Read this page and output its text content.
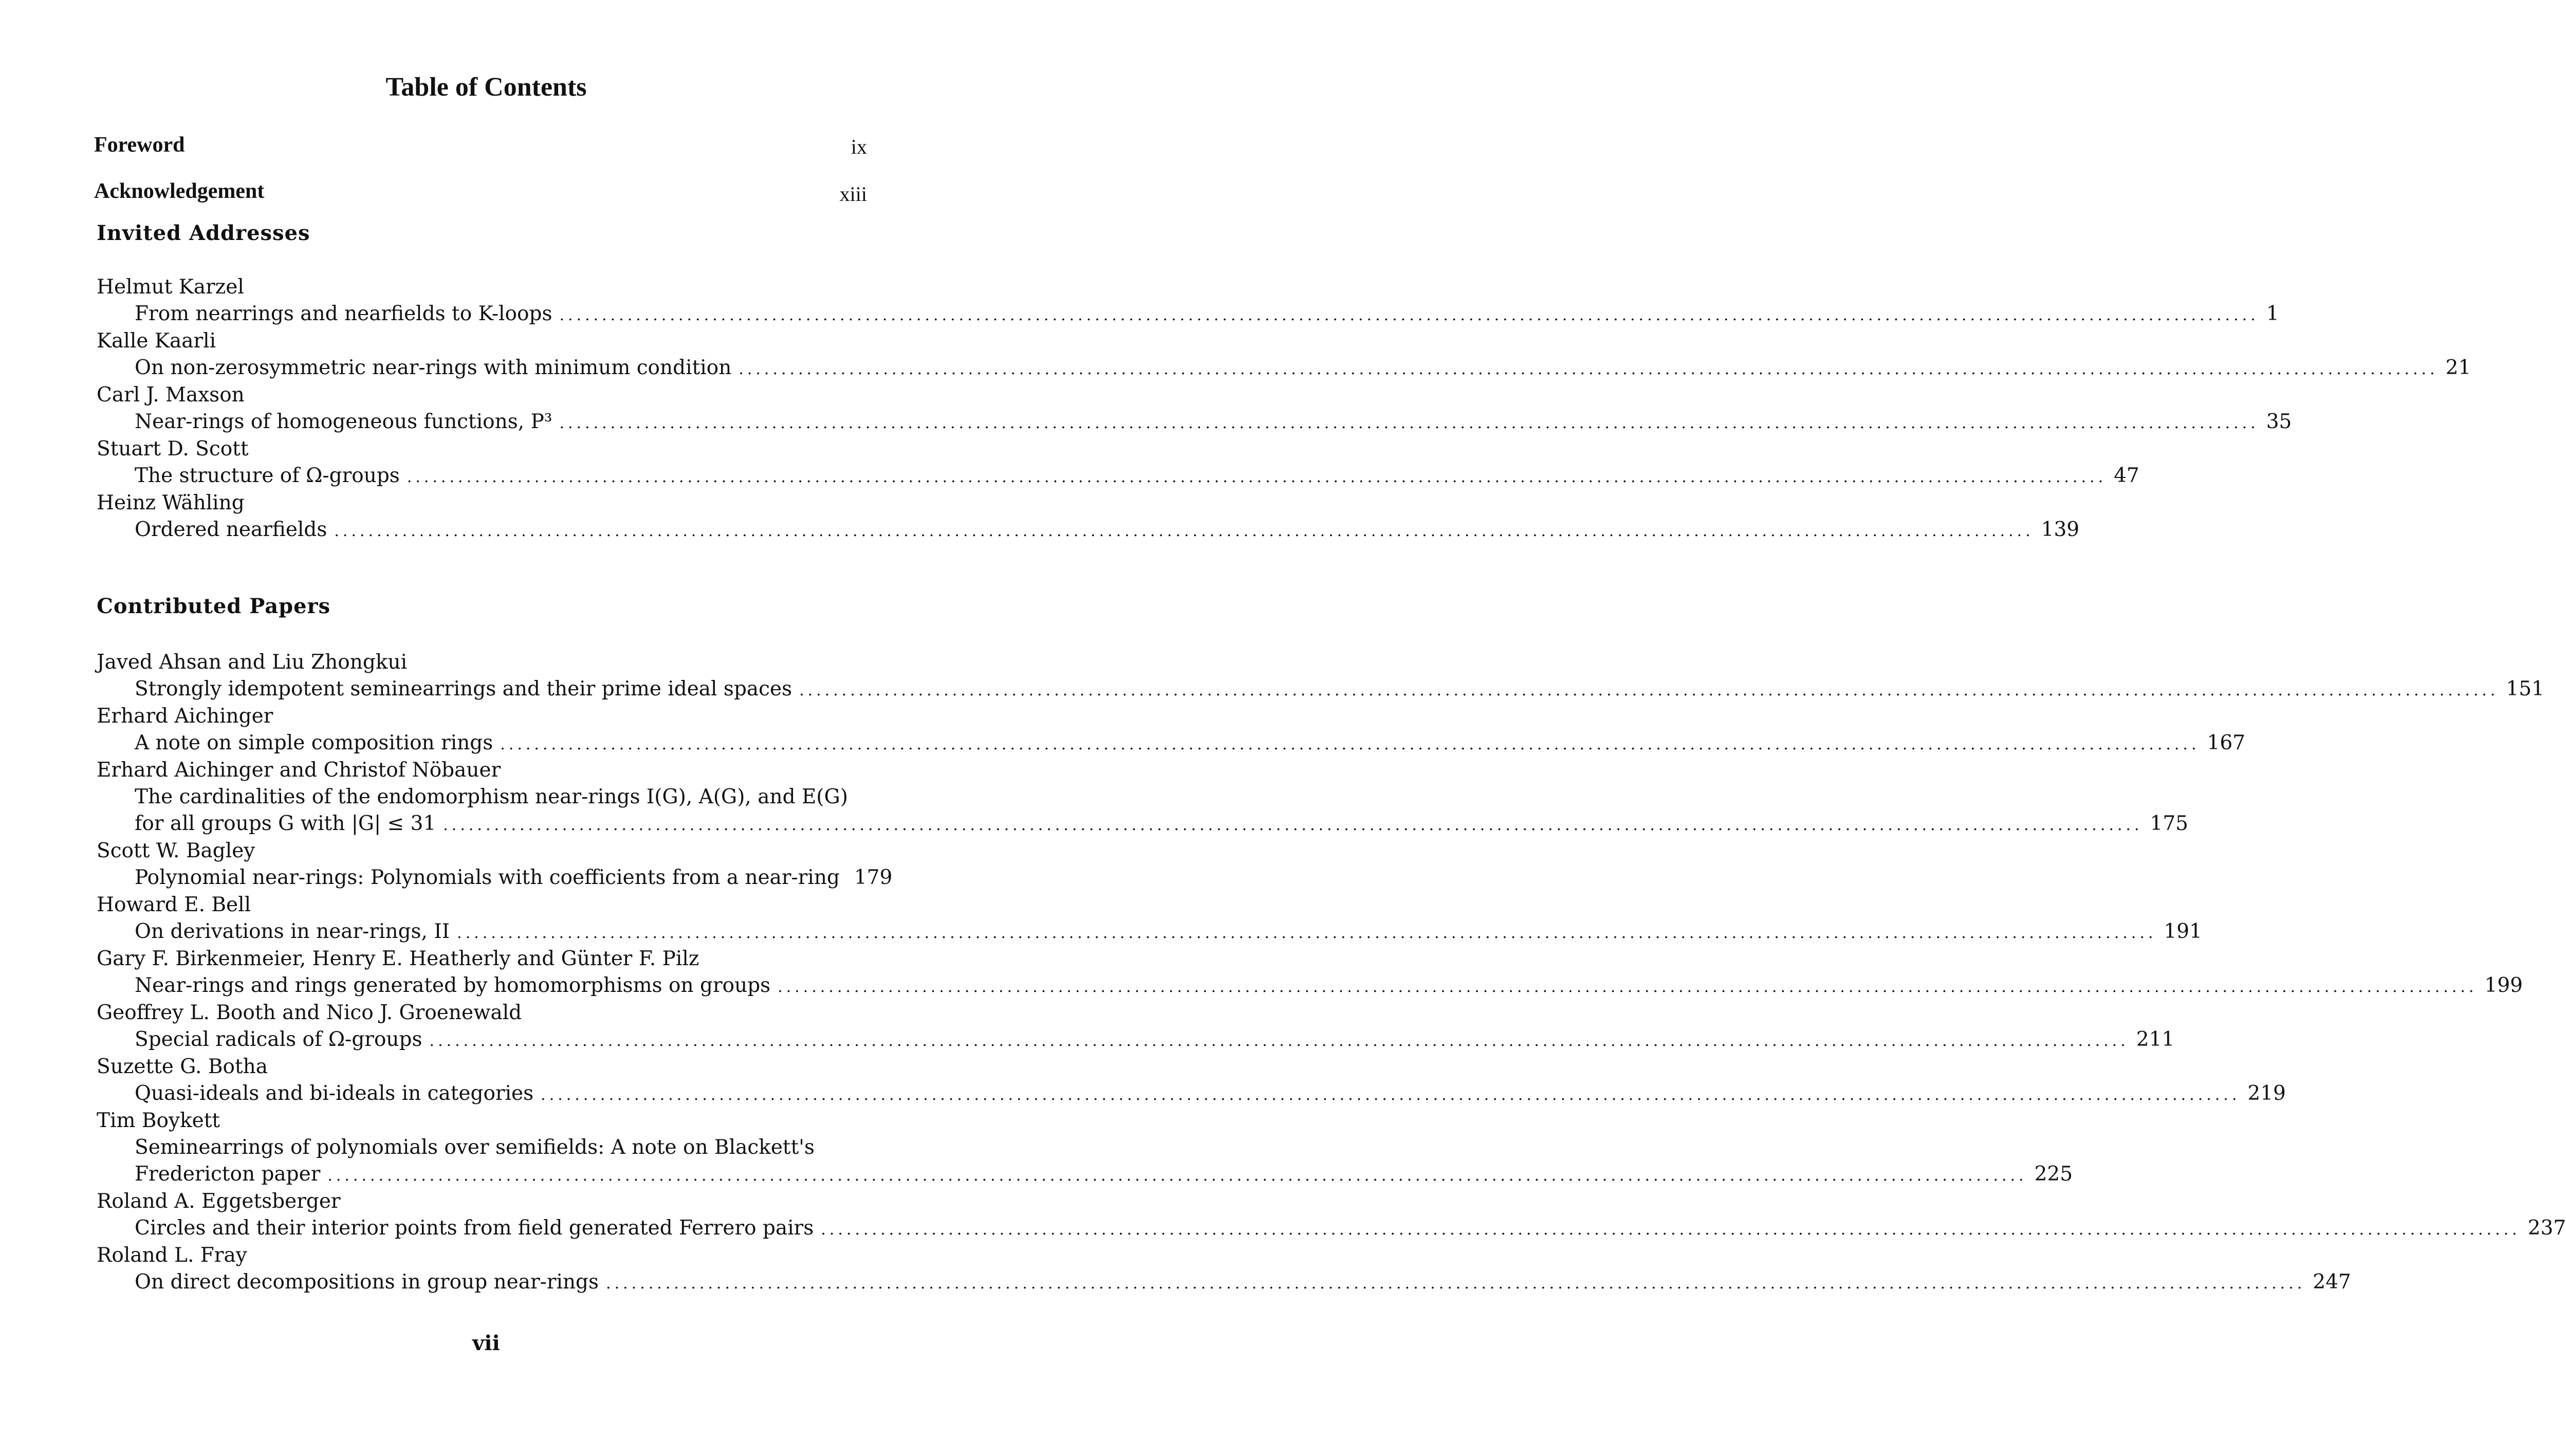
Table of Contents
Foreword	ix
Acknowledgement	xiii
Invited Addresses
Helmut Karzel
From nearrings and nearfields to K-loops ........................................................................................................................................................................................................ 1
Kalle Kaarli
On non-zerosymmetric near-rings with minimum condition ........................................................................................................................................................................................................ 21
Carl J. Maxson
Near-rings of homogeneous functions, P³ ........................................................................................................................................................................................................ 35
Stuart D. Scott
The structure of Ω-groups ........................................................................................................................................................................................................ 47
Heinz Wähling
Ordered nearfields ........................................................................................................................................................................................................ 139
Contributed Papers
Javed Ahsan and Liu Zhongkui
Strongly idempotent seminearrings and their prime ideal spaces ........................................................................................................................................................................................................ 151
Erhard Aichinger
A note on simple composition rings ........................................................................................................................................................................................................ 167
Erhard Aichinger and Christof Nöbauer
The cardinalities of the endomorphism near-rings I(G), A(G), and E(G)
for all groups G with |G| ≤ 31 ........................................................................................................................................................................................................ 175
Scott W. Bagley
Polynomial near-rings: Polynomials with coefficients from a near-ring 179
Howard E. Bell
On derivations in near-rings, II ........................................................................................................................................................................................................ 191
Gary F. Birkenmeier, Henry E. Heatherly and Günter F. Pilz
Near-rings and rings generated by homomorphisms on groups ........................................................................................................................................................................................................ 199
Geoffrey L. Booth and Nico J. Groenewald
Special radicals of Ω-groups ........................................................................................................................................................................................................ 211
Suzette G. Botha
Quasi-ideals and bi-ideals in categories ........................................................................................................................................................................................................ 219
Tim Boykett
Seminearrings of polynomials over semifields: A note on Blackett's
Fredericton paper ........................................................................................................................................................................................................ 225
Roland A. Eggetsberger
Circles and their interior points from field generated Ferrero pairs ........................................................................................................................................................................................................ 237
Roland L. Fray
On direct decompositions in group near-rings ........................................................................................................................................................................................................ 247
vii
